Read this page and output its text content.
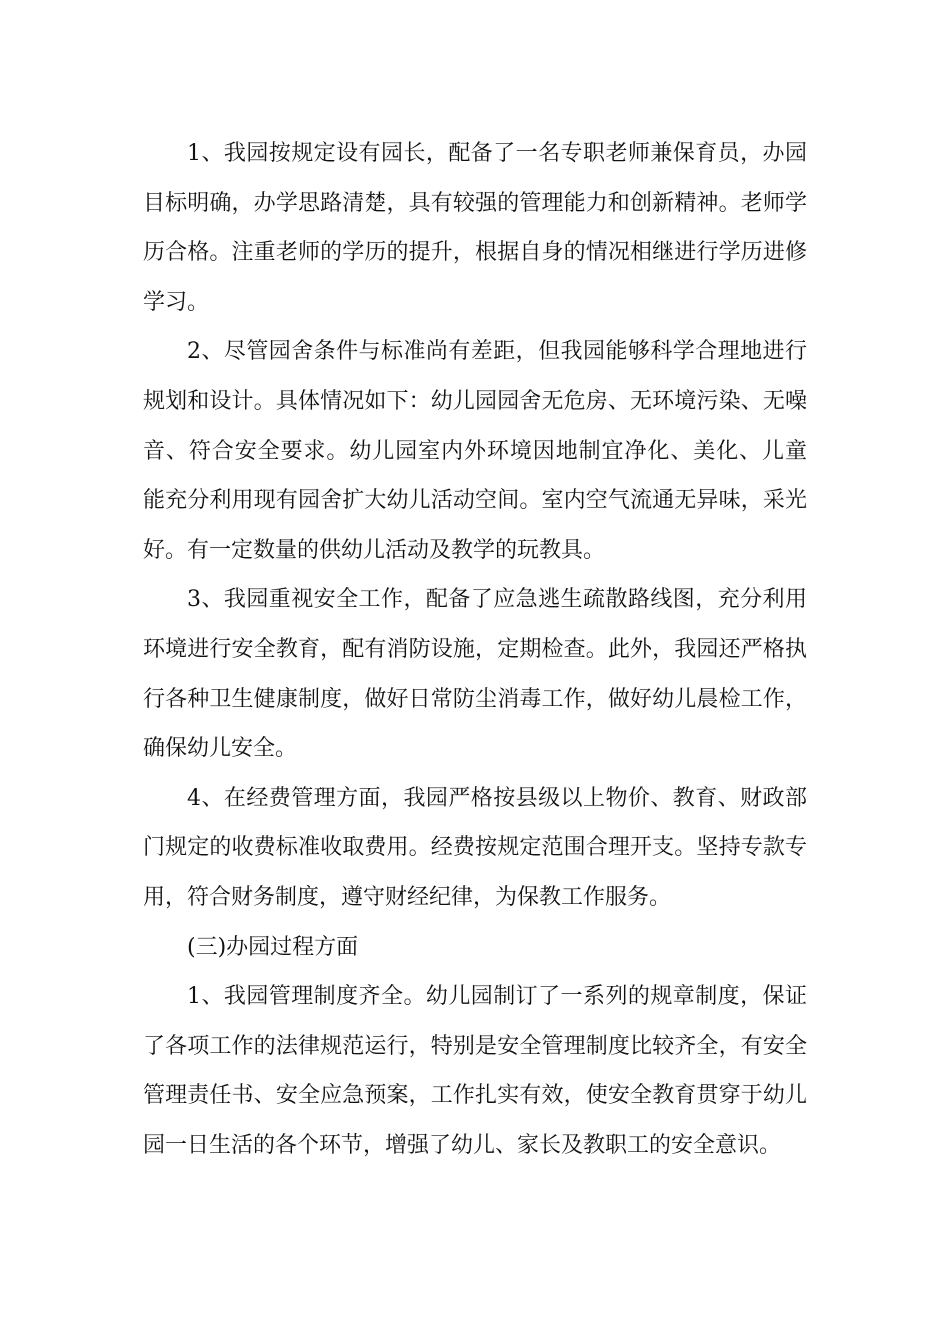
1、我园按规定设有园长，配备了一名专职老师兼保育员，办园目标明确，办学思路清楚，具有较强的管理能力和创新精神。老师学历合格。注重老师的学历的提升，根据自身的情况相继进行学历进修学习。

2、尽管园舍条件与标准尚有差距，但我园能够科学合理地进行规划和设计。具体情况如下：幼儿园园舍无危房、无环境污染、无噪音、符合安全要求。幼儿园室内外环境因地制宜净化、美化、儿童 能充分利用现有园舍扩大幼儿活动空间。室内空气流通无异味，采光好。有一定数量的供幼儿活动及教学的玩教具。

3、我园重视安全工作，配备了应急逃生疏散路线图，充分利用环境进行安全教育，配有消防设施，定期检查。此外，我园还严格执行各种卫生健康制度，做好日常防尘消毒工作，做好幼儿晨检工作，确保幼儿安全。

4、在经费管理方面，我园严格按县级以上物价、教育、财政部门规定的收费标准收取费用。经费按规定范围合理开支。坚持专款专用，符合财务制度，遵守财经纪律，为保教工作服务。

(三)办园过程方面

1、我园管理制度齐全。幼儿园制订了一系列的规章制度，保证了各项工作的法律规范运行，特别是安全管理制度比较齐全，有安全管理责任书、安全应急预案，工作扎实有效，使安全教育贯穿于幼儿园一日生活的各个环节，增强了幼儿、家长及教职工的安全意识。
